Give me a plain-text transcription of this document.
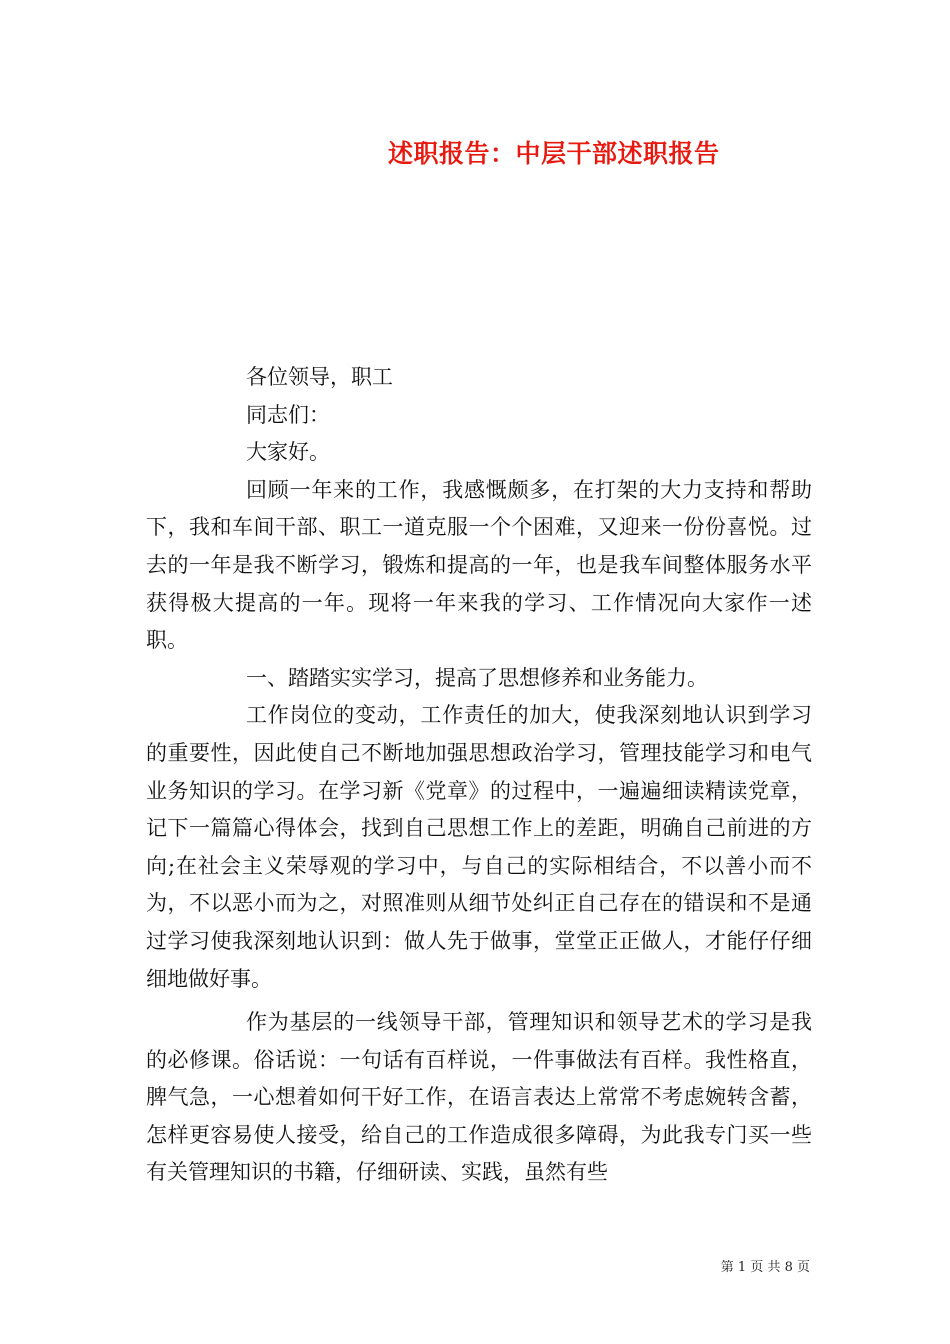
述职报告：中层干部述职报告

各位领导，职工

同志们：

大家好。

回顾一年来的工作，我感慨颇多，在打架的大力支持和帮助下，我和车间干部、职工一道克服一个个困难，又迎来一份份喜悦。过去的一年是我不断学习，锻炼和提高的一年，也是我车间整体服务水平获得极大提高的一年。现将一年来我的学习、工作情况向大家作一述职。

一、踏踏实实学习，提高了思想修养和业务能力。

工作岗位的变动，工作责任的加大，使我深刻地认识到学习的重要性，因此使自己不断地加强思想政治学习，管理技能学习和电气业务知识的学习。在学习新《党章》的过程中，一遍遍细读精读党章，记下一篇篇心得体会，找到自己思想工作上的差距，明确自己前进的方向;在社会主义荣辱观的学习中，与自己的实际相结合，不以善小而不为，不以恶小而为之，对照准则从细节处纠正自己存在的错误和不是通过学习使我深刻地认识到：做人先于做事，堂堂正正做人，才能仔仔细细地做好事。

作为基层的一线领导干部，管理知识和领导艺术的学习是我的必修课。俗话说：一句话有百样说，一件事做法有百样。我性格直，脾气急，一心想着如何干好工作，在语言表达上常常不考虑婉转含蓄，怎样更容易使人接受，给自己的工作造成很多障碍，为此我专门买一些有关管理知识的书籍，仔细研读、实践，虽然有些

第 1 页 共 8 页
